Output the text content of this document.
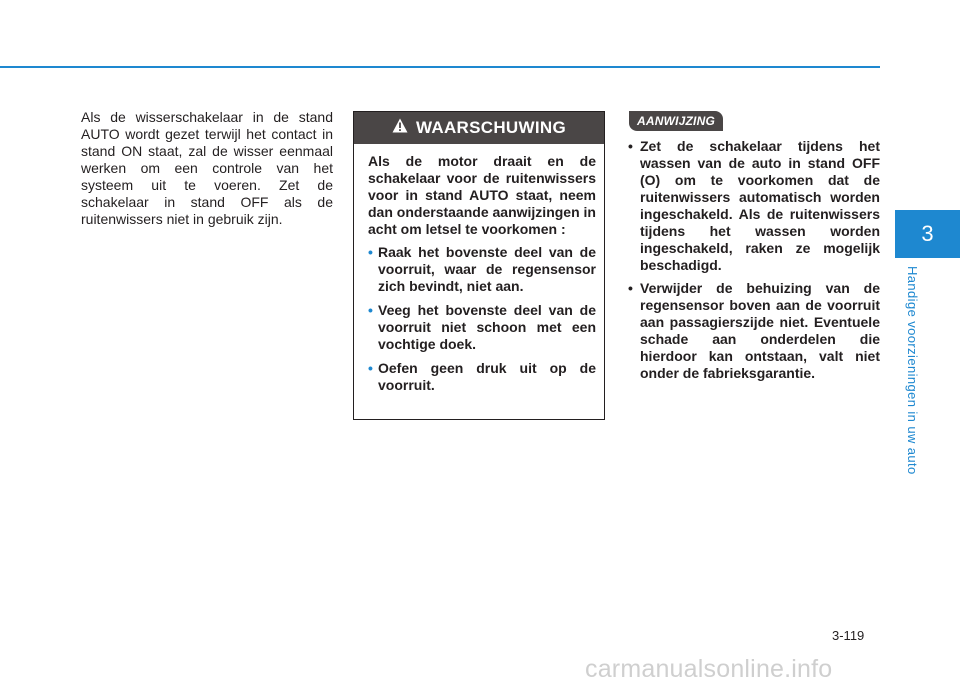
Als de wisserschakelaar in de stand AUTO wordt gezet terwijl het contact in stand ON staat, zal de wisser eenmaal werken om een controle van het systeem uit te voeren. Zet de schakelaar in stand OFF als de ruitenwissers niet in gebruik zijn.
WAARSCHUWING

Als de motor draait en de schakelaar voor de ruitenwissers voor in stand AUTO staat, neem dan onderstaande aanwijzingen in acht om letsel te voorkomen :

• Raak het bovenste deel van de voorruit, waar de regensensor zich bevindt, niet aan.
• Veeg het bovenste deel van de voorruit niet schoon met een vochtige doek.
• Oefen geen druk uit op de voorruit.
AANWIJZING
• Zet de schakelaar tijdens het wassen van de auto in stand OFF (O) om te voorkomen dat de ruitenwissers automatisch worden ingeschakeld. Als de ruitenwissers tijdens het wassen worden ingeschakeld, raken ze mogelijk beschadigd.
• Verwijder de behuizing van de regensensor boven aan de voorruit aan passagierszijde niet. Eventuele schade aan onderdelen die hierdoor kan ontstaan, valt niet onder de fabrieksgarantie.
3
Handige voorzieningen in uw auto
3-119
carmanualsonline.info
